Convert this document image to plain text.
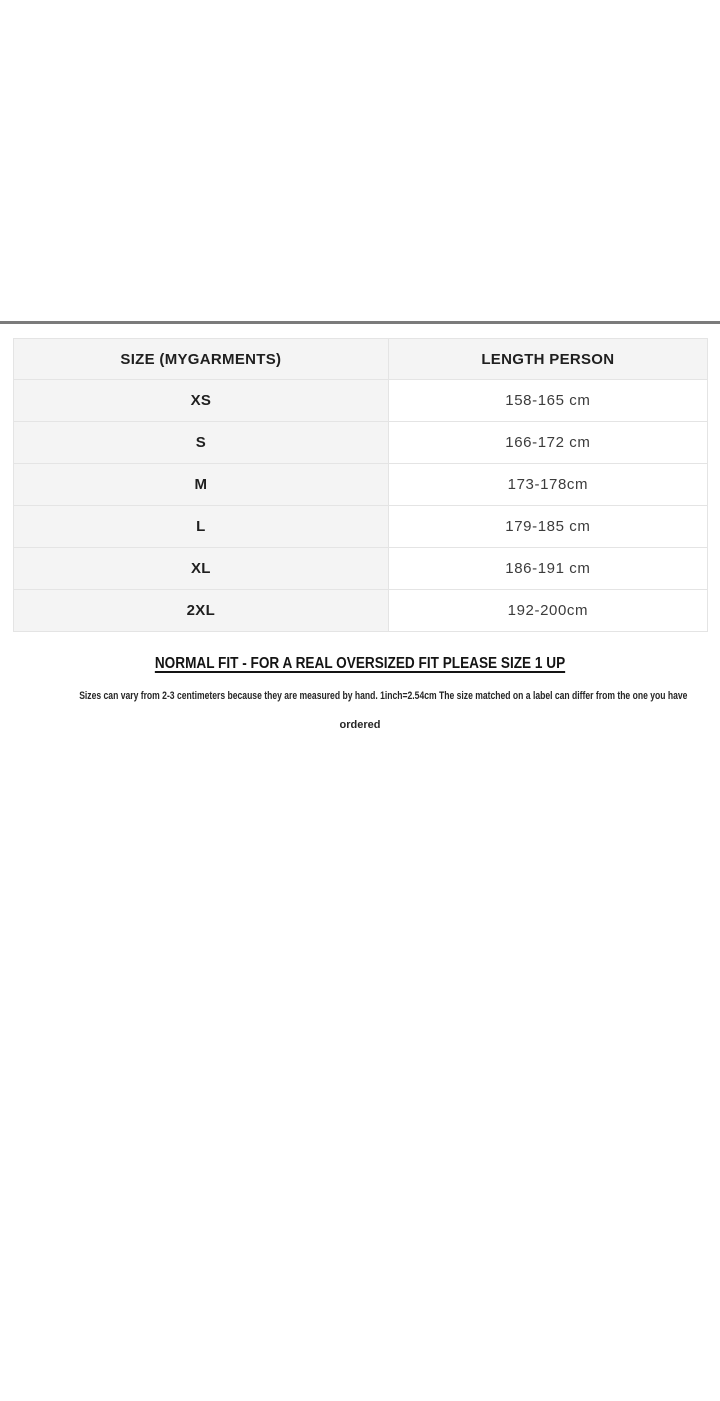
SIZE (MYGARMENTS)	LENGTH PERSON
XS	158-165 cm
S	166-172 cm
M	173-178cm
L	179-185 cm
XL	186-191 cm
2XL	192-200cm
NORMAL FIT - FOR A REAL OVERSIZED FIT PLEASE SIZE 1 UP
Sizes can vary from 2-3 centimeters because they are measured by hand. 1inch=2.54cm The size matched on a label can differ from the one you have
ordered
